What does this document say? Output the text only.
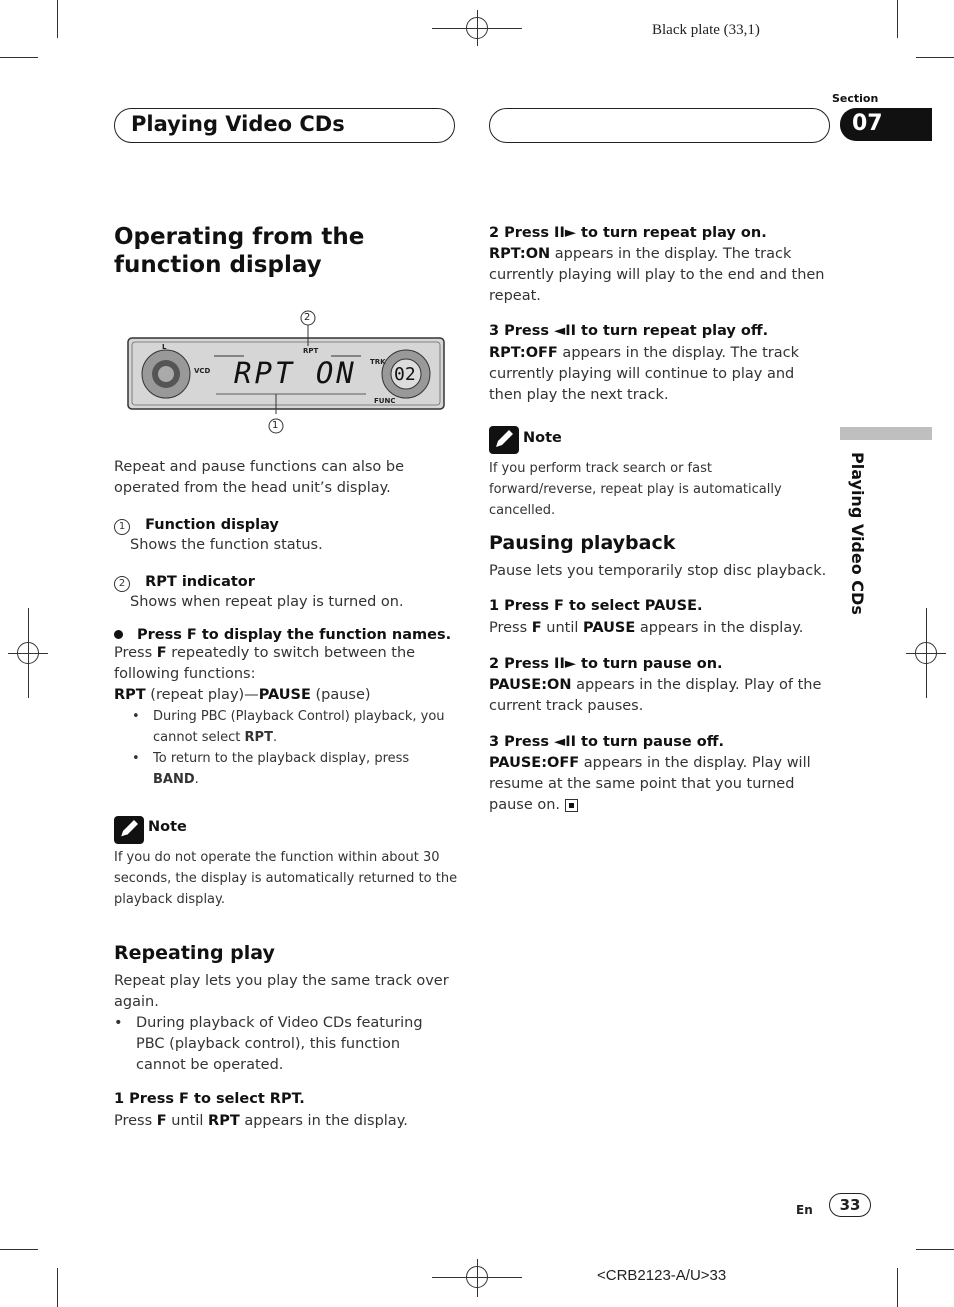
Black plate (33,1)
Playing Video CDs
Section
07
Operating from the function display
2
1
RPT ON 02
RPT
VCD
TRK
FUNC
L
Repeat and pause functions can also be operated from the head unit’s display.
1 Function display
Shows the function status.
2 RPT indicator
Shows when repeat play is turned on.
Press F to display the function names.
Press F repeatedly to switch between the following functions:
RPT (repeat play)—PAUSE (pause)
• During PBC (Playback Control) playback, you cannot select RPT.
• To return to the playback display, press BAND.
Note
If you do not operate the function within about 30 seconds, the display is automatically returned to the playback display.
Repeating play
Repeat play lets you play the same track over again.
• During playback of Video CDs featuring PBC (playback control), this function cannot be operated.
1 Press F to select RPT.
Press F until RPT appears in the display.
2 Press ⅠⅠ► to turn repeat play on.
RPT:ON appears in the display. The track currently playing will play to the end and then repeat.
3 Press ◄ⅠⅠ to turn repeat play off.
RPT:OFF appears in the display. The track currently playing will continue to play and then play the next track.
Note
If you perform track search or fast forward/reverse, repeat play is automatically cancelled.
Pausing playback
Pause lets you temporarily stop disc playback.
1 Press F to select PAUSE.
Press F until PAUSE appears in the display.
2 Press ⅠⅠ► to turn pause on.
PAUSE:ON appears in the display. Play of the current track pauses.
3 Press ◄ⅠⅠ to turn pause off.
PAUSE:OFF appears in the display. Play will resume at the same point that you turned pause on.
Playing Video CDs
En	33
<CRB2123-A/U>33
